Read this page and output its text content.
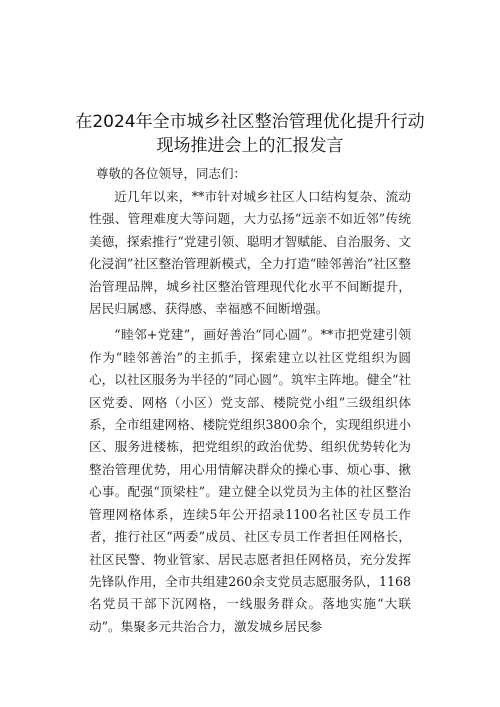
在2024年全市城乡社区整治管理优化提升行动
现场推进会上的汇报发言
尊敬的各位领导，同志们：

近几年以来，**市针对城乡社区人口结构复杂、流动性强、管理难度大等问题，大力弘扬“远亲不如近邻”传统美德，探索推行“党建引领、聪明才智赋能、自治服务、文化浸润”社区整治管理新模式，全力打造“睦邻善治”社区整治管理品牌，城乡社区整治管理现代化水平不间断提升，居民归属感、获得感、幸福感不间断增强。

“睦邻+党建”，画好善治“同心圆”。**市把党建引领作为“睦邻善治”的主抓手，探索建立以社区党组织为圆心，以社区服务为半径的“同心圆”。筑牢主阵地。健全“社区党委、网格（小区）党支部、楼院党小组”三级组织体系，全市组建网格、楼院党组织3800余个，实现组织进小区、服务进楼栋，把党组织的政治优势、组织优势转化为整治管理优势，用心用情解决群众的操心事、烦心事、揪心事。配强“顶梁柱”。建立健全以党员为主体的社区整治管理网格体系，连续5年公开招录1100名社区专员工作者，推行社区“两委”成员、社区专员工作者担任网格长，社区民警、物业管家、居民志愿者担任网格员，充分发挥先锋队作用，全市共组建260余支党员志愿服务队，1168名党员干部下沉网格，一线服务群众。落地实施“大联动”。集聚多元共治合力，激发城乡居民参
